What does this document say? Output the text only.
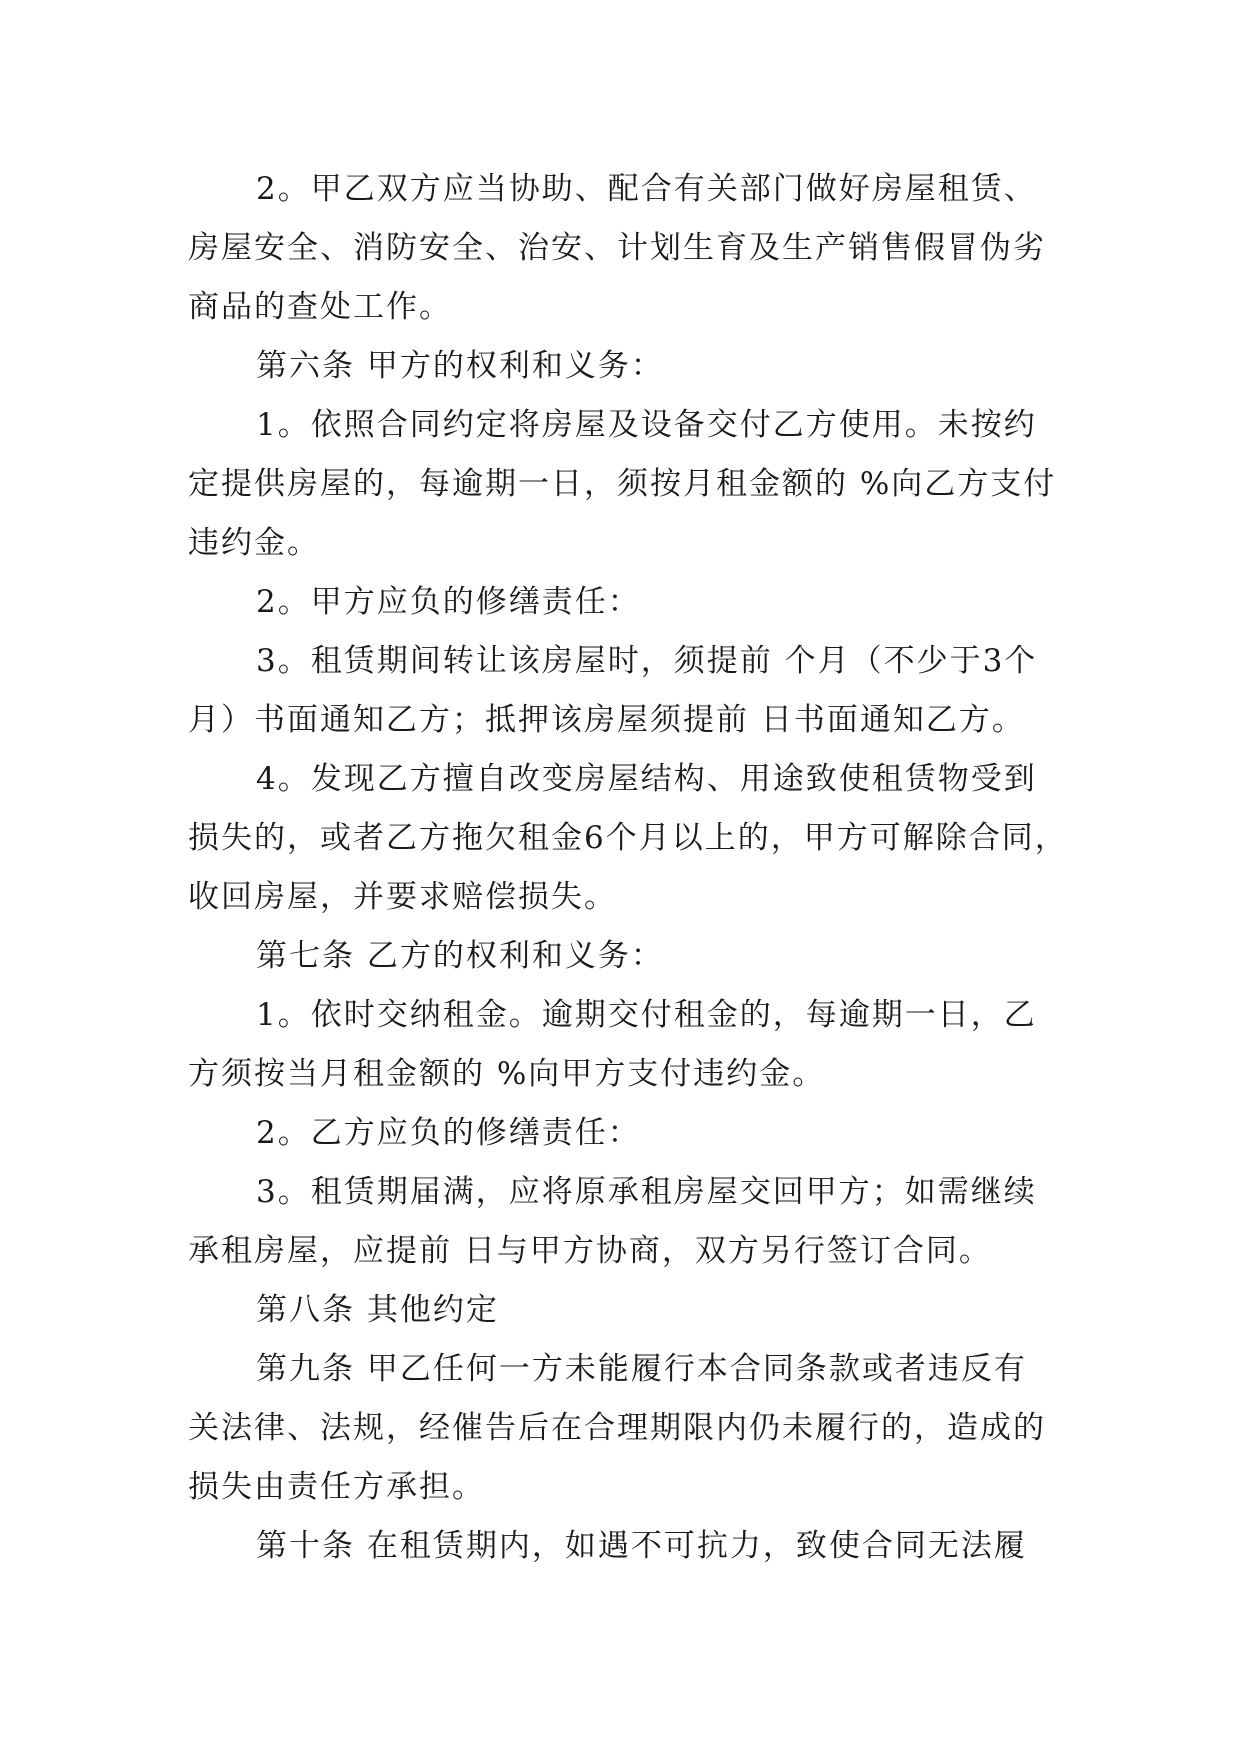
2。甲乙双方应当协助、配合有关部门做好房屋租赁、
房屋安全、消防安全、治安、计划生育及生产销售假冒伪劣
商品的查处工作。
第六条 甲方的权利和义务：
1。依照合同约定将房屋及设备交付乙方使用。未按约
定提供房屋的，每逾期一日，须按月租金额的 %向乙方支付
违约金。
2。甲方应负的修缮责任：
3。租赁期间转让该房屋时，须提前 个月（不少于3个
月）书面通知乙方；抵押该房屋须提前 日书面通知乙方。
4。发现乙方擅自改变房屋结构、用途致使租赁物受到
损失的，或者乙方拖欠租金6个月以上的，甲方可解除合同，
收回房屋，并要求赔偿损失。
第七条 乙方的权利和义务：
1。依时交纳租金。逾期交付租金的，每逾期一日，乙
方须按当月租金额的 %向甲方支付违约金。
2。乙方应负的修缮责任：
3。租赁期届满，应将原承租房屋交回甲方；如需继续
承租房屋，应提前 日与甲方协商，双方另行签订合同。
第八条 其他约定
第九条 甲乙任何一方未能履行本合同条款或者违反有
关法律、法规，经催告后在合理期限内仍未履行的，造成的
损失由责任方承担。
第十条 在租赁期内，如遇不可抗力，致使合同无法履
